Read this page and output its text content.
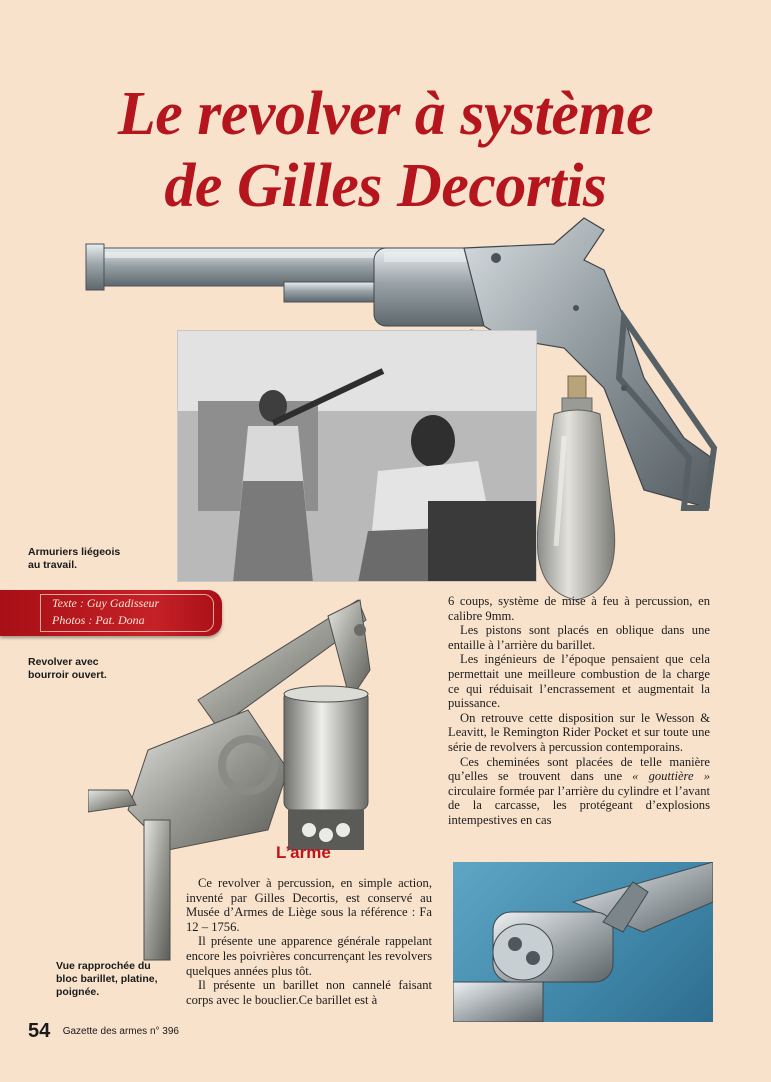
Le revolver à système
de Gilles Decortis
Armuriers liégeois
au travail.
Texte : Guy Gadisseur
Photos : Pat. Dona
Revolver avec
bourroir ouvert.
L’arme

Ce revolver à percussion, en simple action, inventé par Gilles Decortis, est conservé au Musée d’Armes de Liège sous la référence : Fa 12 – 1756.

Il présente une apparence générale rappelant encore les poivrières concurrençant les revolvers quelques années plus tôt.

Il présente un barillet non cannelé faisant corps avec le bouclier.Ce barillet est à

Vue rapprochée du
bloc barillet, platine,
poignée.

6 coups, système de mise à feu à percussion, en calibre 9mm.

Les pistons sont placés en oblique dans une entaille à l’arrière du barillet.

Les ingénieurs de l’époque pensaient que cela permettait une meilleure combustion de la charge ce qui réduisait l’encrassement et augmentait la puissance.

On retrouve cette disposition sur le Wesson & Leavitt, le Remington Rider Pocket et sur toute une série de revolvers à percussion contemporains.

Ces cheminées sont placées de telle manière qu’elles se trouvent dans une « gouttière » circulaire formée par l’arrière du cylindre et l’avant de la carcasse, les protégeant d’explosions intempestives en cas

54 Gazette des armes n° 396
